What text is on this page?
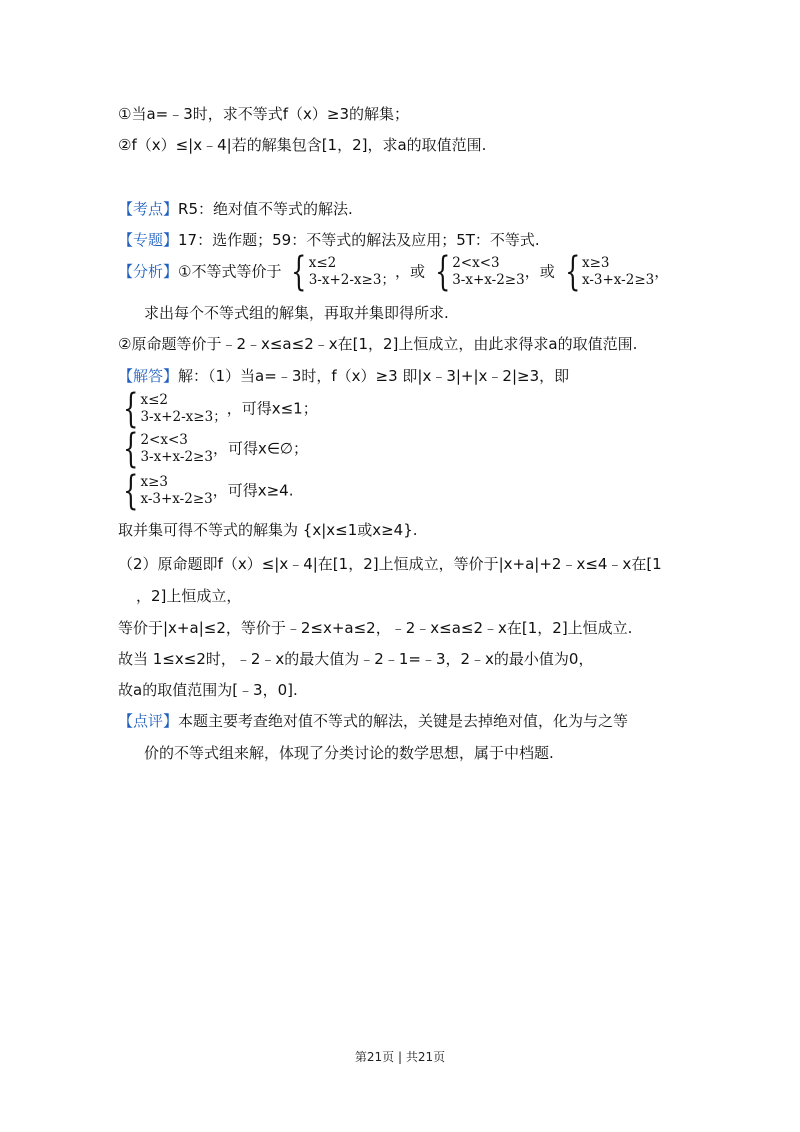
①当a=﹣3时，求不等式f（x）≥3的解集；
②f（x）≤|x﹣4|若的解集包含[1，2]，求a的取值范围.
【考点】R5：绝对值不等式的解法.
【专题】17：选作题；59：不等式的解法及应用；5T：不等式.
【分析】①不等式等价于 { x≤2
3-x+2-x≥3 ； ，或 { 2<x<3
3-x+x-2≥3 ，或 { x≥3
x-3+x-2≥3 ，
求出每个不等式组的解集，再取并集即得所求.
②原命题等价于﹣2﹣x≤a≤2﹣x在[1，2]上恒成立，由此求得求a的取值范围.
【解答】解：（1）当a=﹣3时，f（x）≥3 即|x﹣3|+|x﹣2|≥3，即
{ x≤2
3-x+2-x≥3 ； ，可得x≤1；
{ 2<x<3
3-x+x-2≥3 ，可得x∈∅；
{ x≥3
x-3+x-2≥3 ，可得x≥4.
取并集可得不等式的解集为 {x|x≤1或x≥4}.
（2）原命题即f（x）≤|x﹣4|在[1，2]上恒成立，等价于|x+a|+2﹣x≤4﹣x在[1
，2]上恒成立，
等价于|x+a|≤2，等价于﹣2≤x+a≤2，﹣2﹣x≤a≤2﹣x在[1，2]上恒成立.
故当 1≤x≤2时，﹣2﹣x的最大值为﹣2﹣1=﹣3，2﹣x的最小值为0，
故a的取值范围为[﹣3，0].
【点评】本题主要考查绝对值不等式的解法，关键是去掉绝对值，化为与之等
价的不等式组来解，体现了分类讨论的数学思想，属于中档题.
第21页 | 共21页
